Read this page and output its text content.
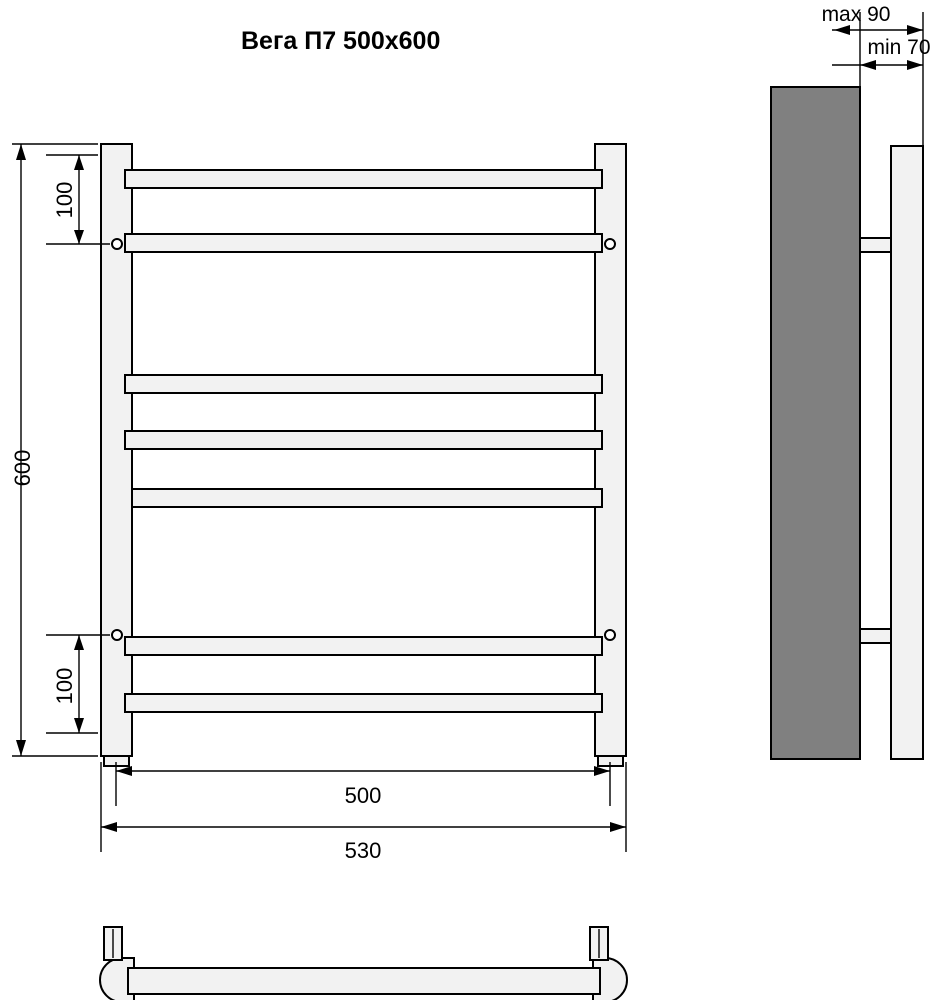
Вега П7 500x600
600
100
100
500
530
max 90
min 70
